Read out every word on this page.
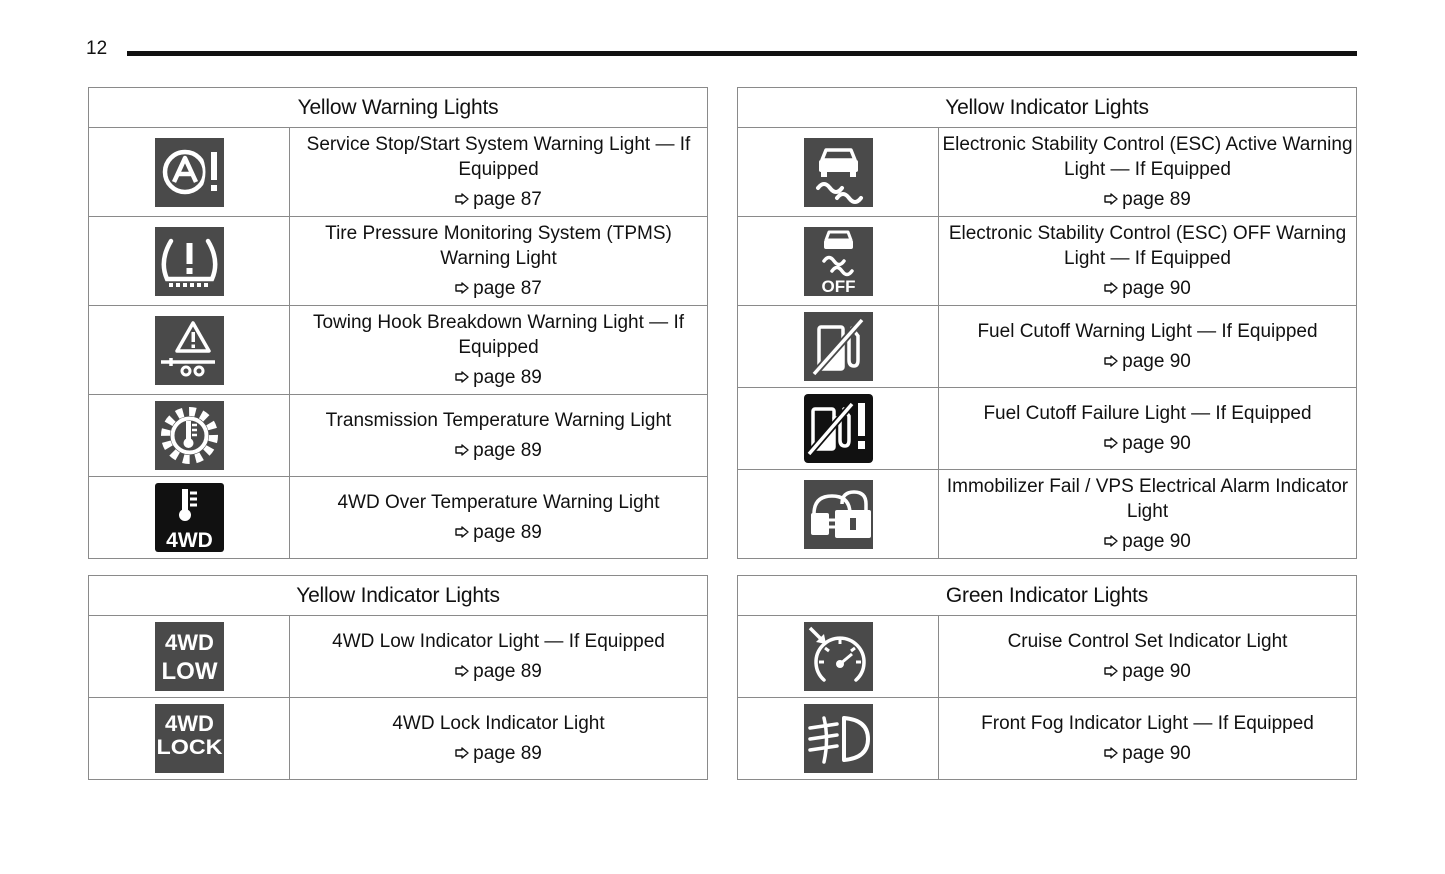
12
Yellow Warning Lights	

Service Stop/Start System Warning Light — If Equipped
page 87

Tire Pressure Monitoring System (TPMS) Warning Light
page 87

Towing Hook Breakdown Warning Light — If Equipped
page 89

Transmission Temperature Warning Light
page 89

4WD	4WD Over Temperature Warning Light
page 89
Yellow Indicator Lights	

Electronic Stability Control (ESC) Active Warning Light — If Equipped
page 89

OFF	Electronic Stability Control (ESC) OFF Warning Light — If Equipped
page 90

Fuel Cutoff Warning Light — If Equipped
page 90

Fuel Cutoff Failure Light — If Equipped
page 90

Immobilizer Fail / VPS Electrical Alarm Indicator Light
page 90
Yellow Indicator Lights	

4WD
LOW	4WD Low Indicator Light — If Equipped
page 89

4WD
LOCK	4WD Lock Indicator Light
page 89
Green Indicator Lights	

Cruise Control Set Indicator Light
page 90

Front Fog Indicator Light — If Equipped
page 90
